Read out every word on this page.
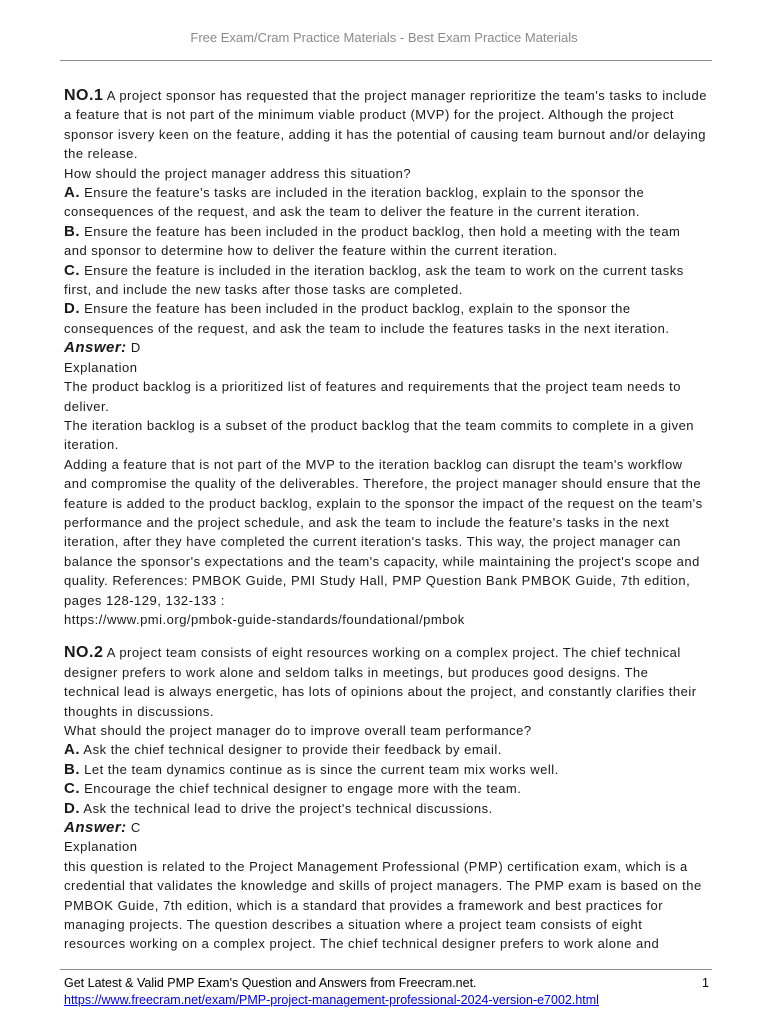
Free Exam/Cram Practice Materials - Best Exam Practice Materials

NO.1 A project sponsor has requested that the project manager reprioritize the team's tasks to include a feature that is not part of the minimum viable product (MVP) for the project. Although the project sponsor isvery keen on the feature, adding it has the potential of causing team burnout and/or delaying the release.

How should the project manager address this situation?

A. Ensure the feature's tasks are included in the iteration backlog, explain to the sponsor the consequences of the request, and ask the team to deliver the feature in the current iteration.

B. Ensure the feature has been included in the product backlog, then hold a meeting with the team and sponsor to determine how to deliver the feature within the current iteration.

C. Ensure the feature is included in the iteration backlog, ask the team to work on the current tasks first, and include the new tasks after those tasks are completed.

D. Ensure the feature has been included in the product backlog, explain to the sponsor the consequences of the request, and ask the team to include the features tasks in the next iteration.

Answer: D

Explanation

The product backlog is a prioritized list of features and requirements that the project team needs to deliver.

The iteration backlog is a subset of the product backlog that the team commits to complete in a given iteration.

Adding a feature that is not part of the MVP to the iteration backlog can disrupt the team's workflow and compromise the quality of the deliverables. Therefore, the project manager should ensure that the feature is added to the product backlog, explain to the sponsor the impact of the request on the team's performance and the project schedule, and ask the team to include the feature's tasks in the next iteration, after they have completed the current iteration's tasks. This way, the project manager can balance the sponsor's expectations and the team's capacity, while maintaining the project's scope and quality. References: PMBOK Guide, PMI Study Hall, PMP Question Bank PMBOK Guide, 7th edition, pages 128-129, 132-133 :

https://www.pmi.org/pmbok-guide-standards/foundational/pmbok

NO.2 A project team consists of eight resources working on a complex project. The chief technical designer prefers to work alone and seldom talks in meetings, but produces good designs. The technical lead is always energetic, has lots of opinions about the project, and constantly clarifies their thoughts in discussions.

What should the project manager do to improve overall team performance?

A. Ask the chief technical designer to provide their feedback by email.

B. Let the team dynamics continue as is since the current team mix works well.

C. Encourage the chief technical designer to engage more with the team.

D. Ask the technical lead to drive the project's technical discussions.

Answer: C

Explanation

this question is related to the Project Management Professional (PMP) certification exam, which is a credential that validates the knowledge and skills of project managers. The PMP exam is based on the PMBOK Guide, 7th edition, which is a standard that provides a framework and best practices for managing projects. The question describes a situation where a project team consists of eight resources working on a complex project. The chief technical designer prefers to work alone and

Get Latest & Valid PMP Exam's Question and Answers from Freecram.net.
https://www.freecram.net/exam/PMP-project-management-professional-2024-version-e7002.html
1
